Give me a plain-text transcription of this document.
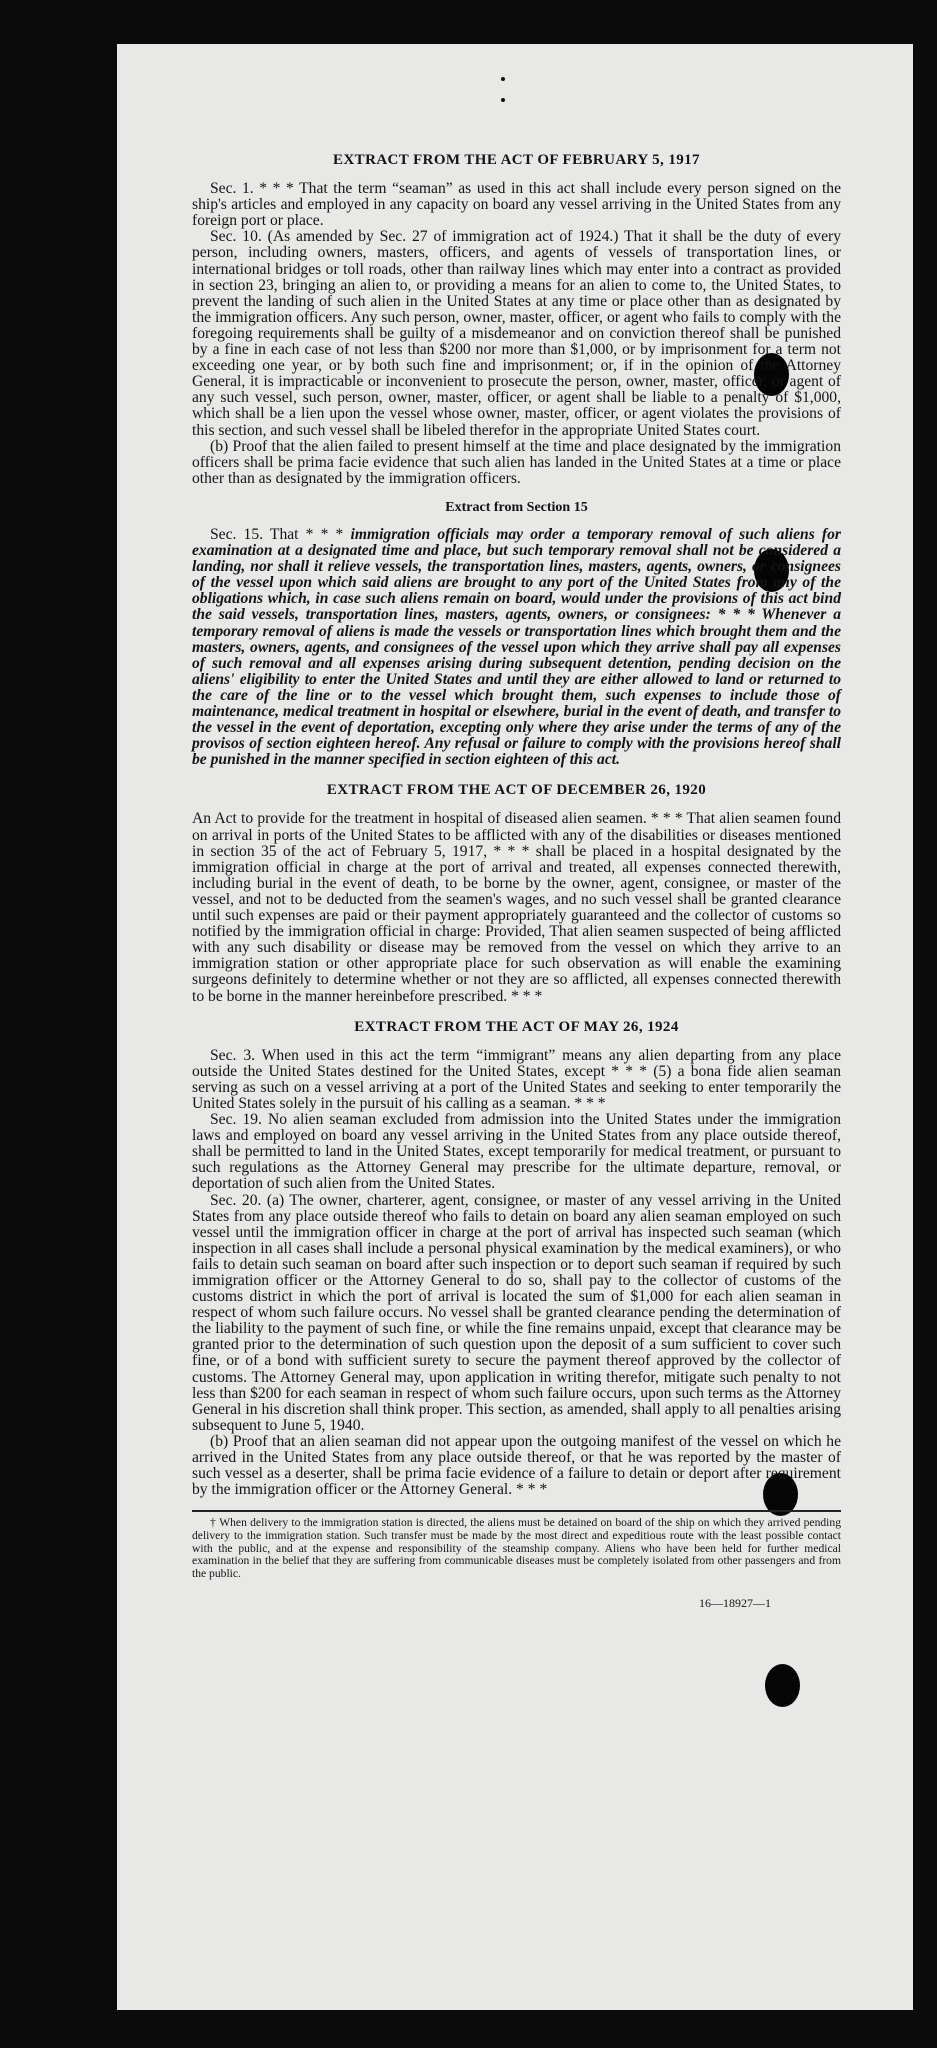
EXTRACT FROM THE ACT OF FEBRUARY 5, 1917

Sec. 1. * * * That the term “seaman” as used in this act shall include every person signed on the ship's articles and employed in any capacity on board any vessel arriving in the United States from any foreign port or place.

Sec. 10. (As amended by Sec. 27 of immigration act of 1924.) That it shall be the duty of every person, including owners, masters, officers, and agents of vessels of transportation lines, or international bridges or toll roads, other than railway lines which may enter into a contract as provided in section 23, bringing an alien to, or providing a means for an alien to come to, the United States, to prevent the landing of such alien in the United States at any time or place other than as designated by the immigration officers. Any such person, owner, master, officer, or agent who fails to comply with the foregoing requirements shall be guilty of a misdemeanor and on conviction thereof shall be punished by a fine in each case of not less than $200 nor more than $1,000, or by imprisonment for a term not exceeding one year, or by both such fine and imprisonment; or, if in the opinion of the Attorney General, it is impracticable or inconvenient to prosecute the person, owner, master, officer, or agent of any such vessel, such person, owner, master, officer, or agent shall be liable to a penalty of $1,000, which shall be a lien upon the vessel whose owner, master, officer, or agent violates the provisions of this section, and such vessel shall be libeled therefor in the appropriate United States court.

(b) Proof that the alien failed to present himself at the time and place designated by the immigration officers shall be prima facie evidence that such alien has landed in the United States at a time or place other than as designated by the immigration officers.

Extract from Section 15

Sec. 15. That * * * immigration officials may order a temporary removal of such aliens for examination at a designated time and place, but such temporary removal shall not be considered a landing, nor shall it relieve vessels, the transportation lines, masters, agents, owners, or consignees of the vessel upon which said aliens are brought to any port of the United States from any of the obligations which, in case such aliens remain on board, would under the provisions of this act bind the said vessels, transportation lines, masters, agents, owners, or consignees: * * * Whenever a temporary removal of aliens is made the vessels or transportation lines which brought them and the masters, owners, agents, and consignees of the vessel upon which they arrive shall pay all expenses of such removal and all expenses arising during subsequent detention, pending decision on the aliens' eligibility to enter the United States and until they are either allowed to land or returned to the care of the line or to the vessel which brought them, such expenses to include those of maintenance, medical treatment in hospital or elsewhere, burial in the event of death, and transfer to the vessel in the event of deportation, excepting only where they arise under the terms of any of the provisos of section eighteen hereof. Any refusal or failure to comply with the provisions hereof shall be punished in the manner specified in section eighteen of this act.

EXTRACT FROM THE ACT OF DECEMBER 26, 1920

An Act to provide for the treatment in hospital of diseased alien seamen. * * * That alien seamen found on arrival in ports of the United States to be afflicted with any of the disabilities or diseases mentioned in section 35 of the act of February 5, 1917, * * * shall be placed in a hospital designated by the immigration official in charge at the port of arrival and treated, all expenses connected therewith, including burial in the event of death, to be borne by the owner, agent, consignee, or master of the vessel, and not to be deducted from the seamen's wages, and no such vessel shall be granted clearance until such expenses are paid or their payment appropriately guaranteed and the collector of customs so notified by the immigration official in charge: Provided, That alien seamen suspected of being afflicted with any such disability or disease may be removed from the vessel on which they arrive to an immigration station or other appropriate place for such observation as will enable the examining surgeons definitely to determine whether or not they are so afflicted, all expenses connected therewith to be borne in the manner hereinbefore prescribed. * * *

EXTRACT FROM THE ACT OF MAY 26, 1924

Sec. 3. When used in this act the term “immigrant” means any alien departing from any place outside the United States destined for the United States, except * * * (5) a bona fide alien seaman serving as such on a vessel arriving at a port of the United States and seeking to enter temporarily the United States solely in the pursuit of his calling as a seaman. * * *

Sec. 19. No alien seaman excluded from admission into the United States under the immigration laws and employed on board any vessel arriving in the United States from any place outside thereof, shall be permitted to land in the United States, except temporarily for medical treatment, or pursuant to such regulations as the Attorney General may prescribe for the ultimate departure, removal, or deportation of such alien from the United States.

Sec. 20. (a) The owner, charterer, agent, consignee, or master of any vessel arriving in the United States from any place outside thereof who fails to detain on board any alien seaman employed on such vessel until the immigration officer in charge at the port of arrival has inspected such seaman (which inspection in all cases shall include a personal physical examination by the medical examiners), or who fails to detain such seaman on board after such inspection or to deport such seaman if required by such immigration officer or the Attorney General to do so, shall pay to the collector of customs of the customs district in which the port of arrival is located the sum of $1,000 for each alien seaman in respect of whom such failure occurs. No vessel shall be granted clearance pending the determination of the liability to the payment of such fine, or while the fine remains unpaid, except that clearance may be granted prior to the determination of such question upon the deposit of a sum sufficient to cover such fine, or of a bond with sufficient surety to secure the payment thereof approved by the collector of customs. The Attorney General may, upon application in writing therefor, mitigate such penalty to not less than $200 for each seaman in respect of whom such failure occurs, upon such terms as the Attorney General in his discretion shall think proper. This section, as amended, shall apply to all penalties arising subsequent to June 5, 1940.

(b) Proof that an alien seaman did not appear upon the outgoing manifest of the vessel on which he arrived in the United States from any place outside thereof, or that he was reported by the master of such vessel as a deserter, shall be prima facie evidence of a failure to detain or deport after requirement by the immigration officer or the Attorney General. * * *

† When delivery to the immigration station is directed, the aliens must be detained on board of the ship on which they arrived pending delivery to the immigration station. Such transfer must be made by the most direct and expeditious route with the least possible contact with the public, and at the expense and responsibility of the steamship company. Aliens who have been held for further medical examination in the belief that they are suffering from communicable diseases must be completely isolated from other passengers and from the public.

16—18927—1
